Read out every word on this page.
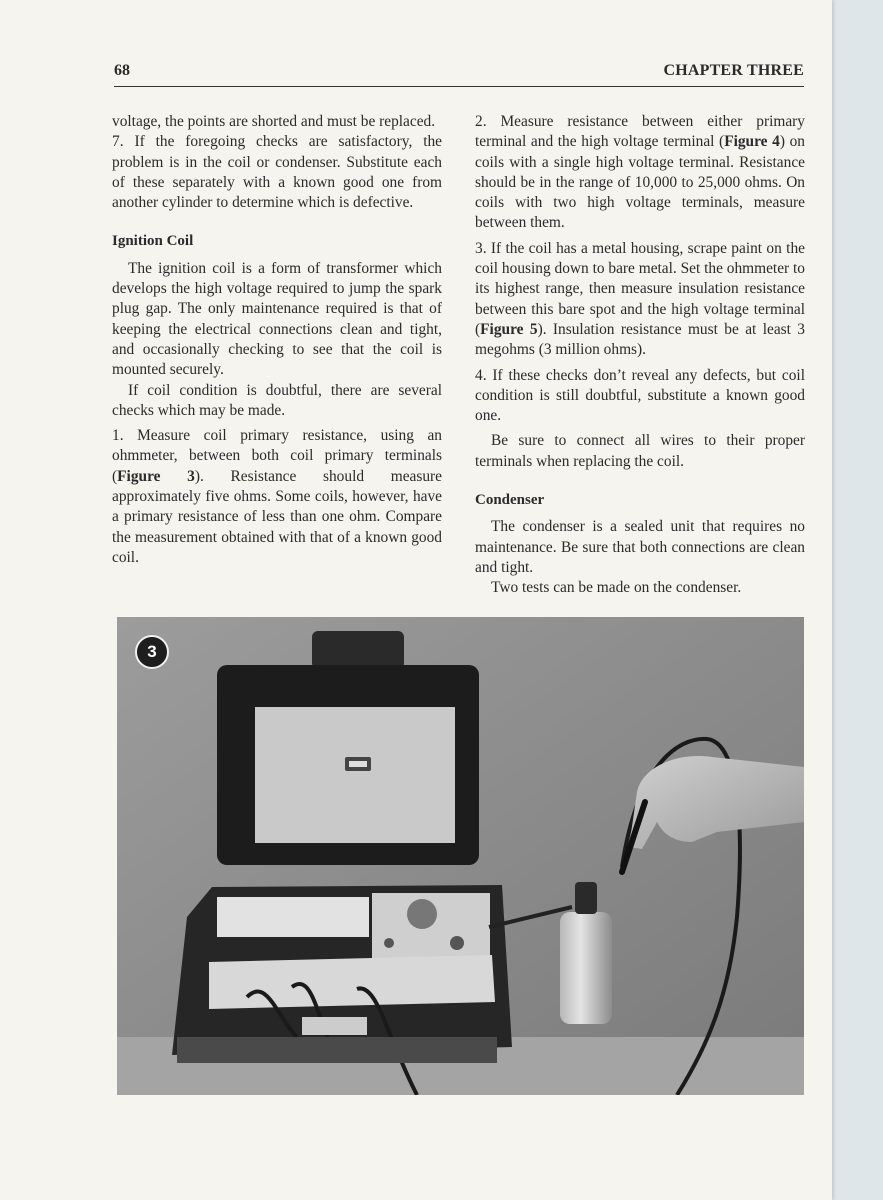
68	CHAPTER THREE

voltage, the points are shorted and must be replaced.

7. If the foregoing checks are satisfactory, the problem is in the coil or condenser. Substitute each of these separately with a known good one from another cylinder to determine which is defective.

Ignition Coil

The ignition coil is a form of transformer which develops the high voltage required to jump the spark plug gap. The only maintenance required is that of keeping the electrical connections clean and tight, and occasionally checking to see that the coil is mounted securely.

If coil condition is doubtful, there are several checks which may be made.

1. Measure coil primary resistance, using an ohmmeter, between both coil primary terminals (Figure 3). Resistance should measure approximately five ohms. Some coils, however, have a primary resistance of less than one ohm. Compare the measurement obtained with that of a known good coil.

2. Measure resistance between either primary terminal and the high voltage terminal (Figure 4) on coils with a single high voltage terminal. Resistance should be in the range of 10,000 to 25,000 ohms. On coils with two high voltage terminals, measure between them.

3. If the coil has a metal housing, scrape paint on the coil housing down to bare metal. Set the ohmmeter to its highest range, then measure insulation resistance between this bare spot and the high voltage terminal (Figure 5). Insulation resistance must be at least 3 megohms (3 million ohms).

4. If these checks don’t reveal any defects, but coil condition is still doubtful, substitute a known good one.

Be sure to connect all wires to their proper terminals when replacing the coil.

Condenser

The condenser is a sealed unit that requires no maintenance. Be sure that both connections are clean and tight.

Two tests can be made on the condenser.

3
